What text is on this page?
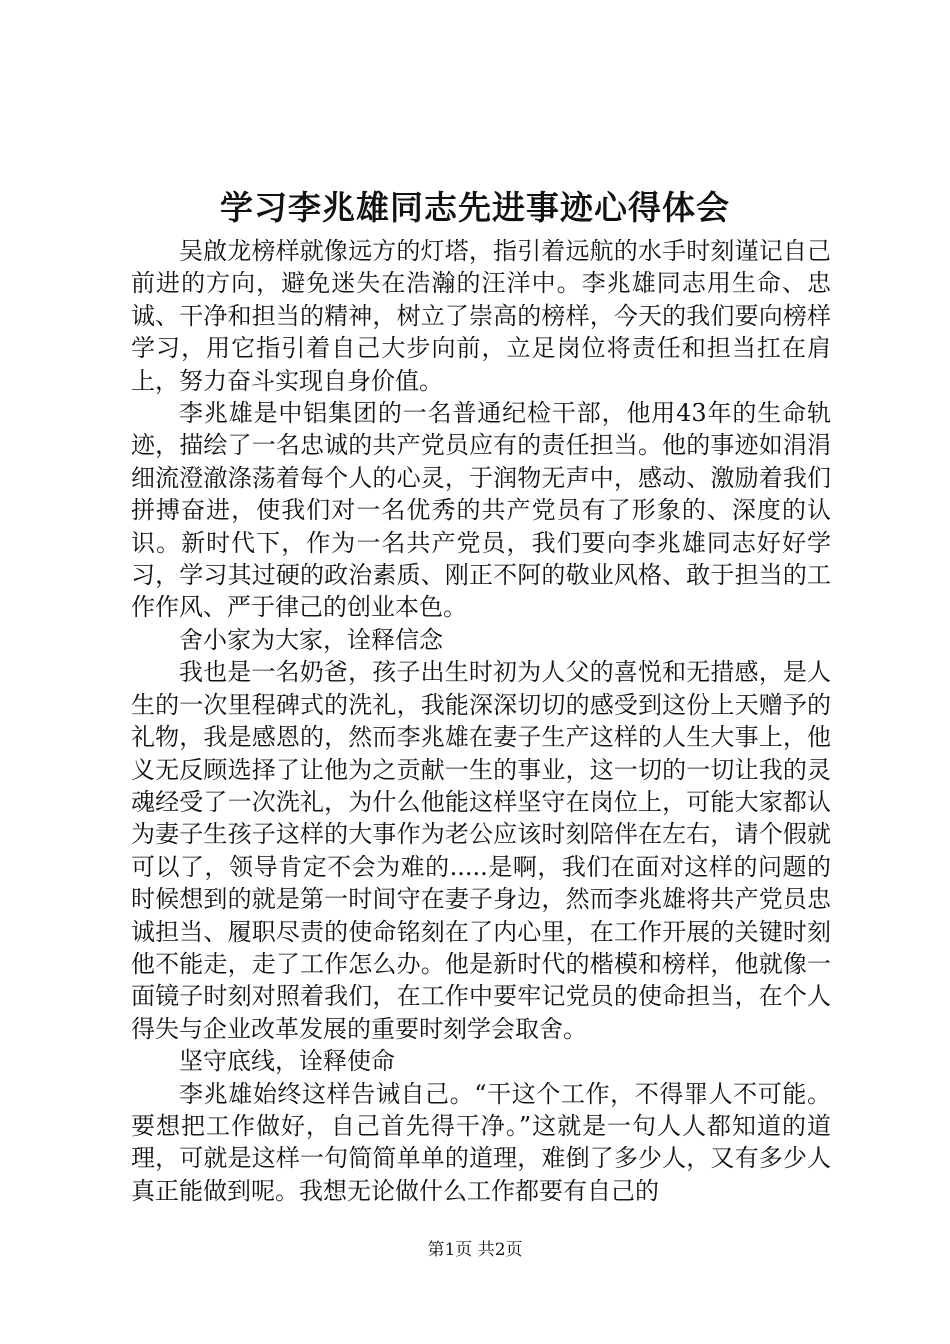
学习李兆雄同志先进事迹心得体会

吴啟龙榜样就像远方的灯塔，指引着远航的水手时刻谨记自己前进的方向，避免迷失在浩瀚的汪洋中。李兆雄同志用生命、忠诚、干净和担当的精神，树立了崇高的榜样，今天的我们要向榜样学习，用它指引着自己大步向前，立足岗位将责任和担当扛在肩上，努力奋斗实现自身价值。

李兆雄是中铝集团的一名普通纪检干部，他用43年的生命轨迹，描绘了一名忠诚的共产党员应有的责任担当。他的事迹如涓涓细流澄澈涤荡着每个人的心灵，于润物无声中，感动、激励着我们拼搏奋进，使我们对一名优秀的共产党员有了形象的、深度的认识。新时代下，作为一名共产党员，我们要向李兆雄同志好好学习，学习其过硬的政治素质、刚正不阿的敬业风格、敢于担当的工作作风、严于律己的创业本色。

舍小家为大家，诠释信念

我也是一名奶爸，孩子出生时初为人父的喜悦和无措感，是人生的一次里程碑式的洗礼，我能深深切切的感受到这份上天赠予的礼物，我是感恩的，然而李兆雄在妻子生产这样的人生大事上，他义无反顾选择了让他为之贡献一生的事业，这一切的一切让我的灵魂经受了一次洗礼，为什么他能这样坚守在岗位上，可能大家都认为妻子生孩子这样的大事作为老公应该时刻陪伴在左右，请个假就可以了，领导肯定不会为难的.....是啊，我们在面对这样的问题的时候想到的就是第一时间守在妻子身边，然而李兆雄将共产党员忠诚担当、履职尽责的使命铭刻在了内心里，在工作开展的关键时刻他不能走，走了工作怎么办。他是新时代的楷模和榜样，他就像一面镜子时刻对照着我们，在工作中要牢记党员的使命担当，在个人得失与企业改革发展的重要时刻学会取舍。

坚守底线，诠释使命

李兆雄始终这样告诫自己。“干这个工作，不得罪人不可能。要想把工作做好，自己首先得干净。”这就是一句人人都知道的道理，可就是这样一句简简单单的道理，难倒了多少人，又有多少人真正能做到呢。我想无论做什么工作都要有自己的

第1页 共2页
